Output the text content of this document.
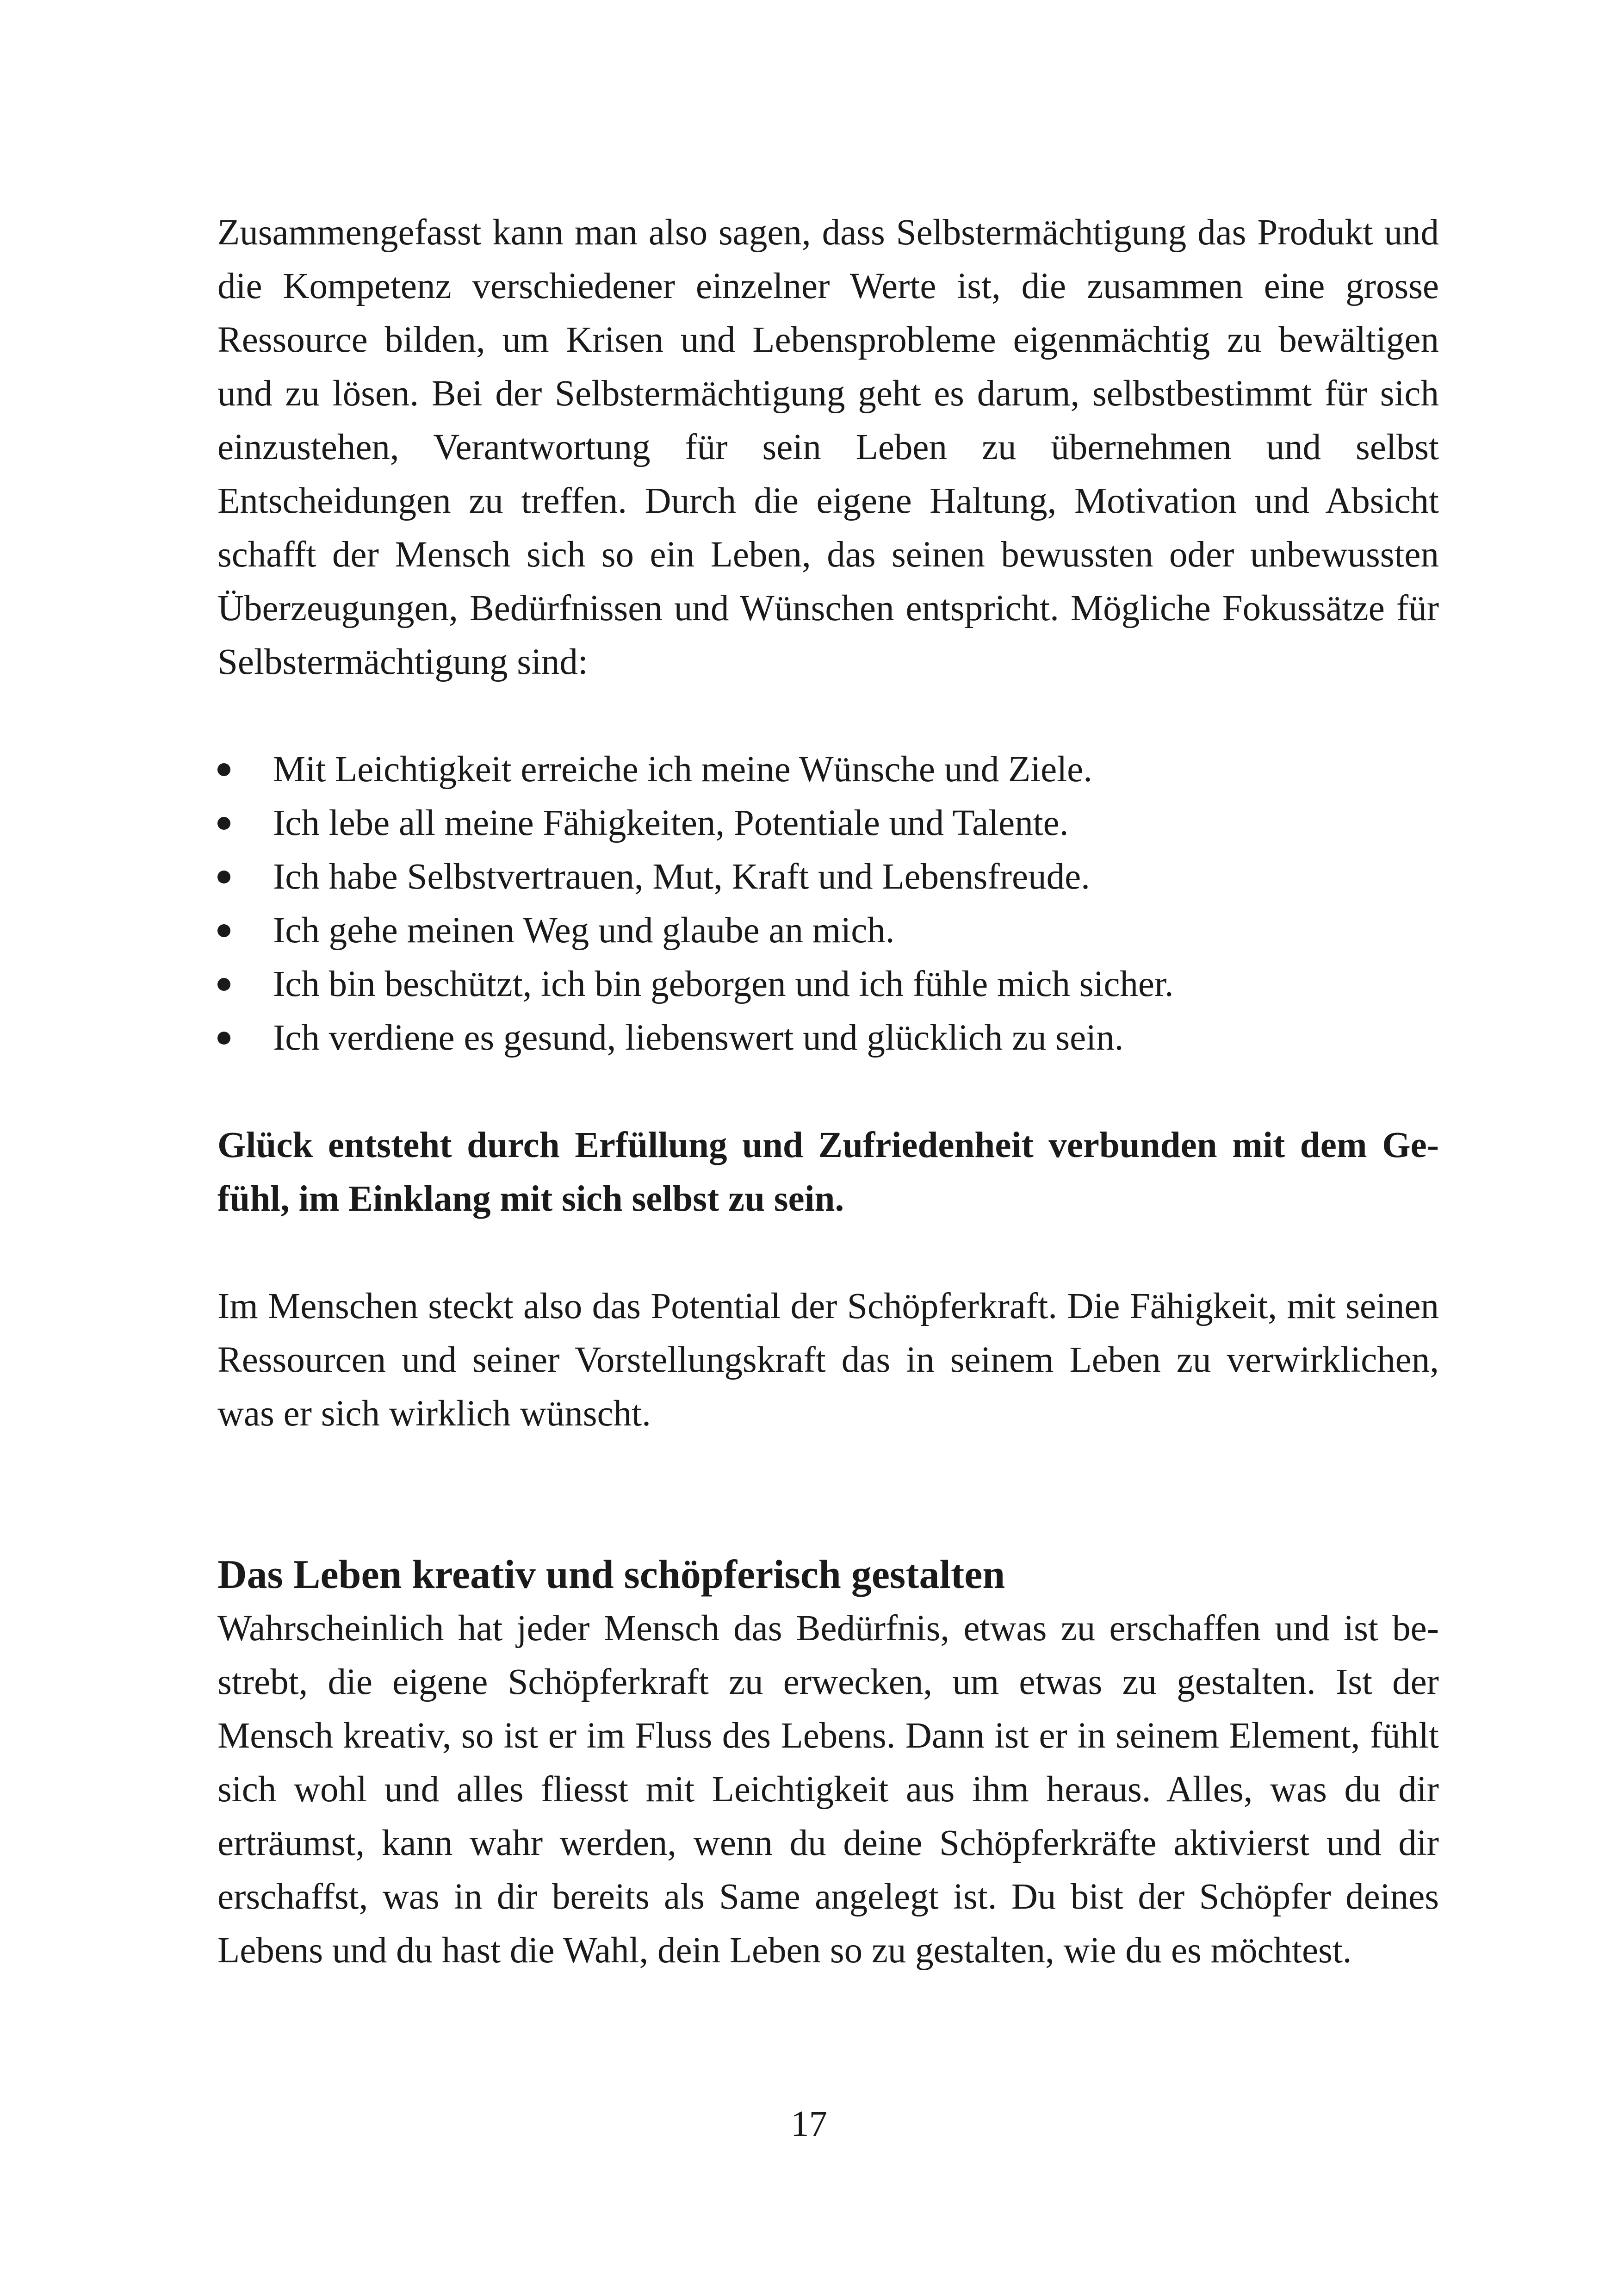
Zusammengefasst kann man also sagen, dass Selbstermächtigung das Produkt und die Kompetenz verschiedener einzelner Werte ist, die zusammen eine grosse Ressource bilden, um Krisen und Lebensprobleme eigenmächtig zu bewältigen und zu lösen. Bei der Selbstermächtigung geht es darum, selbstbestimmt für sich einzustehen, Verantwortung für sein Leben zu übernehmen und selbst Entscheidungen zu treffen. Durch die eigene Haltung, Motivation und Absicht schafft der Mensch sich so ein Leben, das seinen bewussten oder unbewussten Überzeugungen, Bedürfnissen und Wünschen entspricht. Mögliche Fokussätze für Selbstermächtigung sind:

Mit Leichtigkeit erreiche ich meine Wünsche und Ziele.
Ich lebe all meine Fähigkeiten, Potentiale und Talente.
Ich habe Selbstvertrauen, Mut, Kraft und Lebensfreude.
Ich gehe meinen Weg und glaube an mich.
Ich bin beschützt, ich bin geborgen und ich fühle mich sicher.
Ich verdiene es gesund, liebenswert und glücklich zu sein.

Glück entsteht durch Erfüllung und Zufriedenheit verbunden mit dem Gefühl, im Einklang mit sich selbst zu sein.

Im Menschen steckt also das Potential der Schöpferkraft. Die Fähigkeit, mit seinen Ressourcen und seiner Vorstellungskraft das in seinem Leben zu verwirklichen, was er sich wirklich wünscht.

Das Leben kreativ und schöpferisch gestalten

Wahrscheinlich hat jeder Mensch das Bedürfnis, etwas zu erschaffen und ist bestrebt, die eigene Schöpferkraft zu erwecken, um etwas zu gestalten. Ist der Mensch kreativ, so ist er im Fluss des Lebens. Dann ist er in seinem Element, fühlt sich wohl und alles fliesst mit Leichtigkeit aus ihm heraus. Alles, was du dir erträumst, kann wahr werden, wenn du deine Schöpferkräfte aktivierst und dir erschaffst, was in dir bereits als Same angelegt ist. Du bist der Schöpfer deines Lebens und du hast die Wahl, dein Leben so zu gestalten, wie du es möchtest.

17
